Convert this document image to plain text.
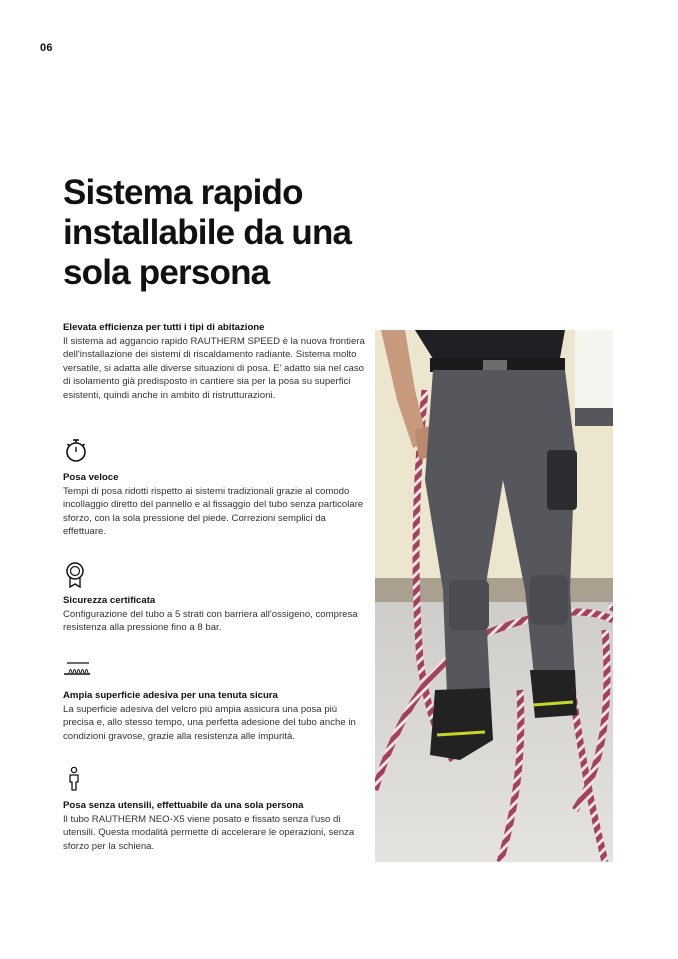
06
Sistema rapido installabile da una sola persona
Elevata efficienza per tutti i tipi di abitazione

Il sistema ad aggancio rapido RAUTHERM SPEED è la nuova frontiera dell'installazione dei sistemi di riscaldamento radiante. Sistema molto versatile, si adatta alle diverse situazioni di posa. E' adatto sia nel caso di isolamento già predisposto in cantiere sia per la posa su superfici esistenti, quindi anche in ambito di ristrutturazioni.

Posa veloce

Tempi di posa ridotti rispetto ai sistemi tradizionali grazie al comodo incollaggio diretto del pannello e al fissaggio del tubo senza particolare sforzo, con la sola pressione del piede. Correzioni semplici da effettuare.

Sicurezza certificata

Configurazione del tubo a 5 strati con barriera all'ossigeno, compresa resistenza alla pressione fino a 8 bar.

Ampia superficie adesiva per una tenuta sicura

La superficie adesiva del velcro più ampia assicura una posa più precisa e, allo stesso tempo, una perfetta adesione del tubo anche in condizioni gravose, grazie alla resistenza alle impurità.

Posa senza utensili, effettuabile da una sola persona

Il tubo RAUTHERM NEO-X5 viene posato e fissato senza l'uso di utensili. Questa modalità permette di accelerare le operazioni, senza sforzo per la schiena.
